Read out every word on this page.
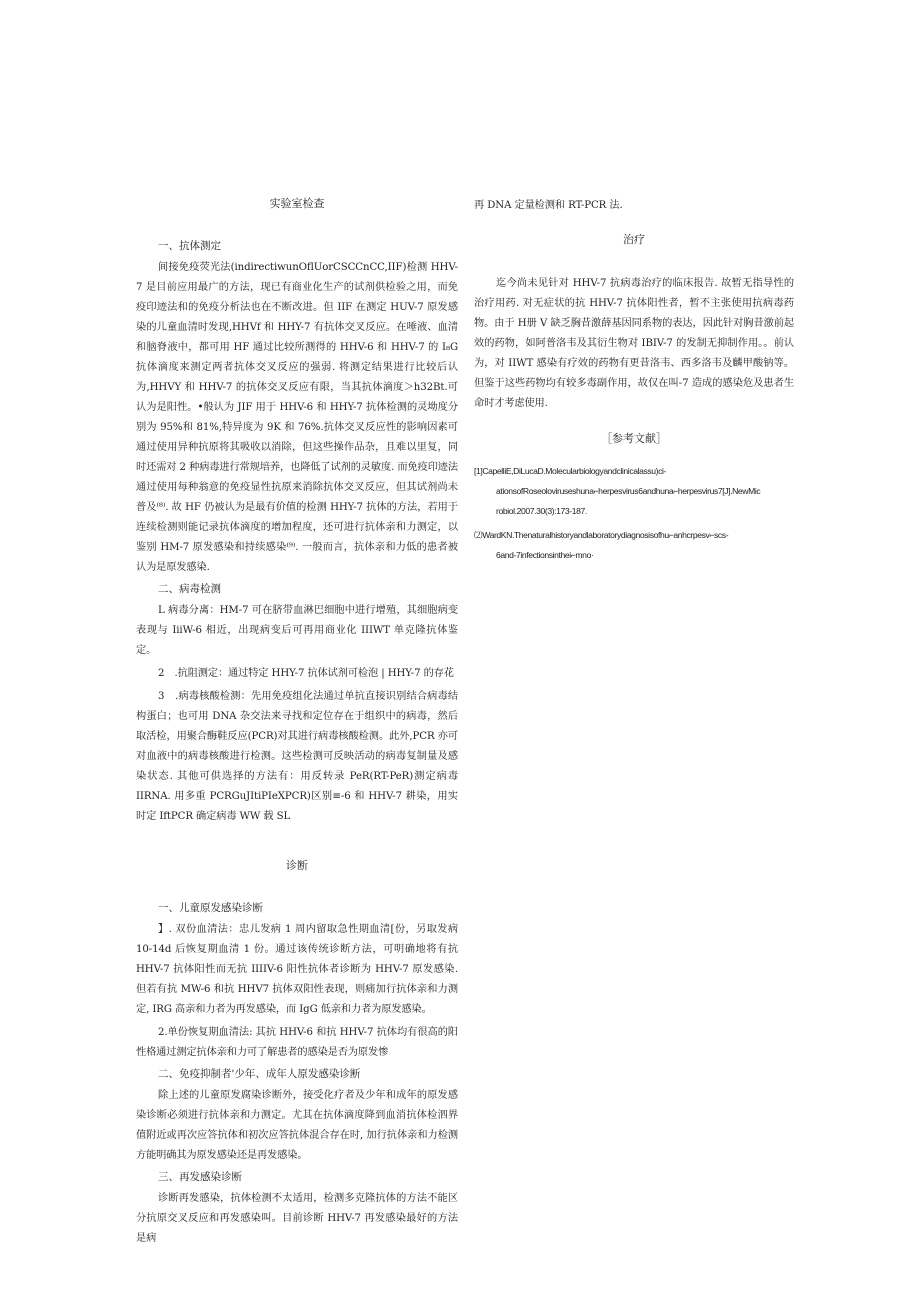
实验室检查
一、抗体测定

间接免疫荧光法(indirectiwunOflUorCSCCnCC,IIF)检测 HHV-7 是目前应用最广的方法，现已有商业化生产的试剂供检验之用，而免疫印迹法和的免疫分析法也在不断改进。但 IIF 在测定 HUV-7 原发感染的儿童血清时发现,HHVf 和 HHY-7 有抗体交叉反应。在唾液、血清和脑脊液中，都可用 HF 通过比较所测得的 HHV-6 和 HHV-7 的 I₈G 抗体滴度来测定两者抗体交叉反应的强弱. 将测定结果进行比较后认为,HHVY 和 HHV-7 的抗体交叉反应有限，当其抗体滴度＞h32Bt.可认为是阳性。•般认为 JIF 用于 HHV-6 和 HHY-7 抗体检测的灵坳度分别为 95%和 81%,特异度为 9K 和 76%.抗体交叉反应性的影响因素可通过使用异种抗原将其吸收以消除，但这些操作品杂，且难以里复，同时还需对 2 种病毒进行常规培养，也降低了试剂的灵敏度. 而免疫印迹法通过使用每种翁意的免疫显性抗原来消除抗体交叉反应，但其试剂尚未普及⁽⁸⁾. 故 HF 仍被认为是最有价值的检测 HHY-7 抗体的方法，若用于连续检测则能记录抗体滴度的增加程度，还可进行抗体亲和力测定，以鉴别 HM-7 原发感染和持续感染⁽⁹⁾. 一般而言，抗体亲和力低的患者被认为是原发感染.

二、病毒检测

L 病毒分离：HM-7 可在脐带血淋巴细胞中进行增殖，其细胞病变表现与 IiiW-6 相近，出现病变后可再用商业化 IIIWT 单克隆抗体鉴定。

2　.抗阻测定：通过特定 HHY-7 抗体试剂可检泡 | HHY-7 的存花

3　.病毒核酸检测：先用免疫组化法通过单抗直接识别结合病毒结构蛋白；也可用 DNA 杂交法来寻找和定位存在于组织中的病毒，然后取活检，用聚合酶鞋反应(PCR)对其进行病毒核酸检测。此外,PCR 亦可对血液中的病毒核酸进行检测。这些检测可反映活动的病毒复制量及感染状态. 其他可供选择的方法有：用反转录 PeR(RT-PeR)测定病毒 IIRNA. 用多重 PCRGuJItiPIeXPCR)区别≡-6 和 HHV-7 耕染，用实时定 IftPCR 确定病毒 WW 载 SL

诊断
一、儿童原发感染诊断

】. 双份血清法：忠儿发病 1 周内留取急性期血清[份，另取发病 10-14d 后恢复期血清 1 份。通过该传统诊断方法，可明确地将有抗 HHV-7 抗体阳性而无抗 IIIIV-6 阳性抗体者诊断为 HHV-7 原发感染. 但若有抗 MW-6 和抗 HHV7 抗体双阳性表现，则痛加行抗体亲和力测定, IRG 高亲和力者为再发感染，而 IgG 低亲和力者为原发感染。

2.单份恢复期血清法: 其抗 HHV-6 和抗 HHV-7 抗体均有很高的阳性格通过测定抗体亲和力可了解患者的感染是否为原发惨

二、免疫抑制者'少年、成年人原发感染诊断

除上述的儿童原发腐染诊断外，接受化疗者及少年和成年的原发感染诊断必须进行抗体亲和力测定。尤其在抗体滴度降到血消抗体检泗界值附近或再次应答抗体和初次应答抗体混合存在时, 加行抗体亲和力检测方能明确其为原发感染还是再发感染。

三、再发感染诊断

诊断再发感染，抗体检测不太适用，检测多克隆抗体的方法不能区分抗原交叉反应和再发感染叫。目前诊断 HHV-7 再发感染最好的方法是病

再 DNA 定量检测和 RT-PCR 法.

治疗

迄今尚未见针对 HHV-7 抗病毒治疗的临床报告. 故暂无指导性的治疗用药. 对无症状的抗 HHV-7 抗体阳性者，暂不主张使用抗病毒药物。由于 H册 V 缺乏胸昔激薛基因同系物的表达，因此针对胸昔激前起效的药物，如阿普洛韦及其衍生物对 IBIV-7 的发制无抑制作用。。前认为，对 IIWT 感染有疗效的药物有更昔洛韦、西多洛韦及麟甲酸钠等。但鉴于这些药物均有较多毒副作用，故仅在叫-7 造成的感染危及患者生命时才考虑使用.

［参考文献］
[1]CapelliE,DiLucaD.Molecularbiologyandclinicalassu)ci-
ationsofRoseoloviruseshuna⌐herpesvirus6andhuna⌐herpesvirus7[J].NewMic
robiol.2007.30(3):173-187.
⑵WardKN.Thenaturalhistoryandlaboratorydiagnosisofhu⌐anhcrpesv⌐scs-
6and-7infectionsinthei⌐mno·
